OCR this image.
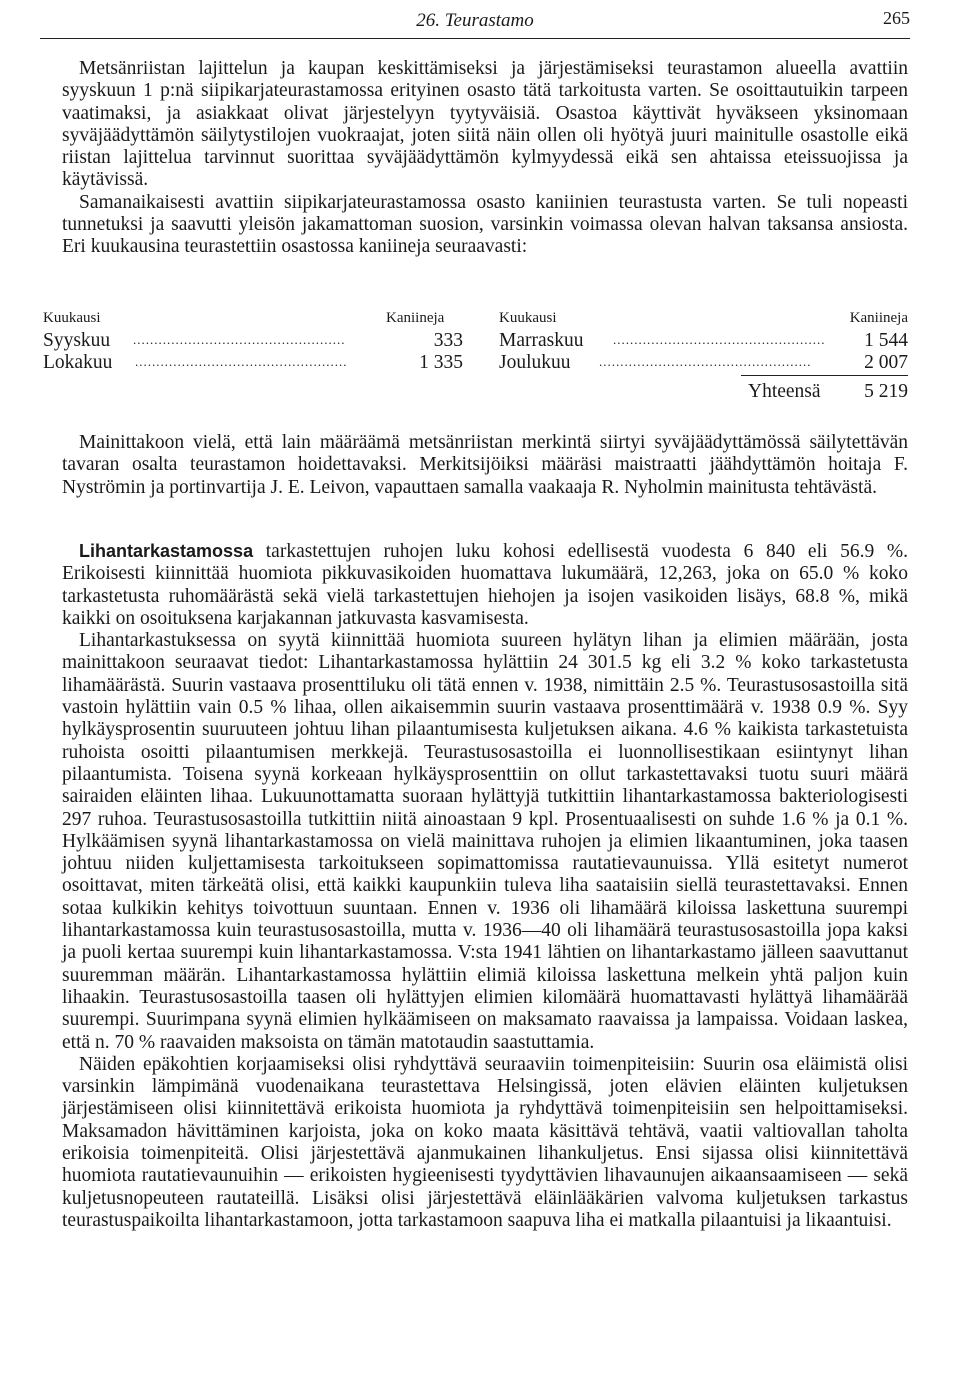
26. Teurastamo	265

Metsänriistan lajittelun ja kaupan keskittämiseksi ja järjestämiseksi teurastamon alueella avattiin syyskuun 1 p:nä siipikarjateurastamossa erityinen osasto tätä tarkoitusta varten. Se osoittautuikin tarpeen vaatimaksi, ja asiakkaat olivat järjestelyyn tyytyväisiä. Osastoa käyttivät hyväkseen yksinomaan syväjäädyttämön säilytystilojen vuokraajat, joten siitä näin ollen oli hyötyä juuri mainitulle osastolle eikä riistan lajittelua tarvinnut suorittaa syväjäädyttämön kylmyydessä eikä sen ahtaissa eteissuojissa ja käytävissä.

Samanaikaisesti avattiin siipikarjateurastamossa osasto kaniinien teurastusta varten. Se tuli nopeasti tunnetuksi ja saavutti yleisön jakamattoman suosion, varsinkin voimassa olevan halvan taksansa ansiosta. Eri kuukausina teurastettiin osastossa kaniineja seuraavasti:

Kuukausi	Kaniineja	Kuukausi	Kaniineja
Syyskuu ..................................................	333
Lokakuu ..................................................	1 335
Marraskuu ..................................................	1 544
Joulukuu ..................................................	2 007
Yhteensä 5 219

Mainittakoon vielä, että lain määräämä metsänriistan merkintä siirtyi syväjäädyttämössä säilytettävän tavaran osalta teurastamon hoidettavaksi. Merkitsijöiksi määräsi maistraatti jäähdyttämön hoitaja F. Nyströmin ja portinvartija J. E. Leivon, vapauttaen samalla vaakaaja R. Nyholmin mainitusta tehtävästä.

Lihantarkastamossa tarkastettujen ruhojen luku kohosi edellisestä vuodesta 6 840 eli 56.9 %. Erikoisesti kiinnittää huomiota pikkuvasikoiden huomattava lukumäärä, 12,263, joka on 65.0 % koko tarkastetusta ruhomäärästä sekä vielä tarkastettujen hiehojen ja isojen vasikoiden lisäys, 68.8 %, mikä kaikki on osoituksena karjakannan jatkuvasta kasvamisesta.

Lihantarkastuksessa on syytä kiinnittää huomiota suureen hylätyn lihan ja elimien määrään, josta mainittakoon seuraavat tiedot: Lihantarkastamossa hylättiin 24 301.5 kg eli 3.2 % koko tarkastetusta lihamäärästä. Suurin vastaava prosenttiluku oli tätä ennen v. 1938, nimittäin 2.5 %. Teurastusosastoilla sitä vastoin hylättiin vain 0.5 % lihaa, ollen aikaisemmin suurin vastaava prosenttimäärä v. 1938 0.9 %. Syy hylkäysprosentin suuruuteen johtuu lihan pilaantumisesta kuljetuksen aikana. 4.6 % kaikista tarkastetuista ruhoista osoitti pilaantumisen merkkejä. Teurastusosastoilla ei luonnollisestikaan esiintynyt lihan pilaantumista. Toisena syynä korkeaan hylkäysprosenttiin on ollut tarkastettavaksi tuotu suuri määrä sairaiden eläinten lihaa. Lukuunottamatta suoraan hylättyjä tutkittiin lihantarkastamossa bakteriologisesti 297 ruhoa. Teurastusosastoilla tutkittiin niitä ainoastaan 9 kpl. Prosentuaalisesti on suhde 1.6 % ja 0.1 %. Hylkäämisen syynä lihantarkastamossa on vielä mainittava ruhojen ja elimien likaantuminen, joka taasen johtuu niiden kuljettamisesta tarkoitukseen sopimattomissa rautatievaunuissa. Yllä esitetyt numerot osoittavat, miten tärkeätä olisi, että kaikki kaupunkiin tuleva liha saataisiin siellä teurastettavaksi. Ennen sotaa kulkikin kehitys toivottuun suuntaan. Ennen v. 1936 oli lihamäärä kiloissa laskettuna suurempi lihantarkastamossa kuin teurastusosastoilla, mutta v. 1936—40 oli lihamäärä teurastusosastoilla jopa kaksi ja puoli kertaa suurempi kuin lihantarkastamossa. V:sta 1941 lähtien on lihantarkastamo jälleen saavuttanut suuremman määrän. Lihantarkastamossa hylättiin elimiä kiloissa laskettuna melkein yhtä paljon kuin lihaakin. Teurastusosastoilla taasen oli hylättyjen elimien kilomäärä huomattavasti hylättyä lihamäärää suurempi. Suurimpana syynä elimien hylkäämiseen on maksamato raavaissa ja lampaissa. Voidaan laskea, että n. 70 % raavaiden maksoista on tämän matotaudin saastuttamia.

Näiden epäkohtien korjaamiseksi olisi ryhdyttävä seuraaviin toimenpiteisiin: Suurin osa eläimistä olisi varsinkin lämpimänä vuodenaikana teurastettava Helsingissä, joten elävien eläinten kuljetuksen järjestämiseen olisi kiinnitettävä erikoista huomiota ja ryhdyttävä toimenpiteisiin sen helpoittamiseksi. Maksamadon hävittäminen karjoista, joka on koko maata käsittävä tehtävä, vaatii valtiovallan taholta erikoisia toimenpiteitä. Olisi järjestettävä ajanmukainen lihankuljetus. Ensi sijassa olisi kiinnitettävä huomiota rautatievaunuihin — erikoisten hygieenisesti tyydyttävien lihavaunujen aikaansaamiseen — sekä kuljetusnopeuteen rautateillä. Lisäksi olisi järjestettävä eläinlääkärien valvoma kuljetuksen tarkastus teurastuspaikoilta lihantarkastamoon, jotta tarkastamoon saapuva liha ei matkalla pilaantuisi ja likaantuisi.
